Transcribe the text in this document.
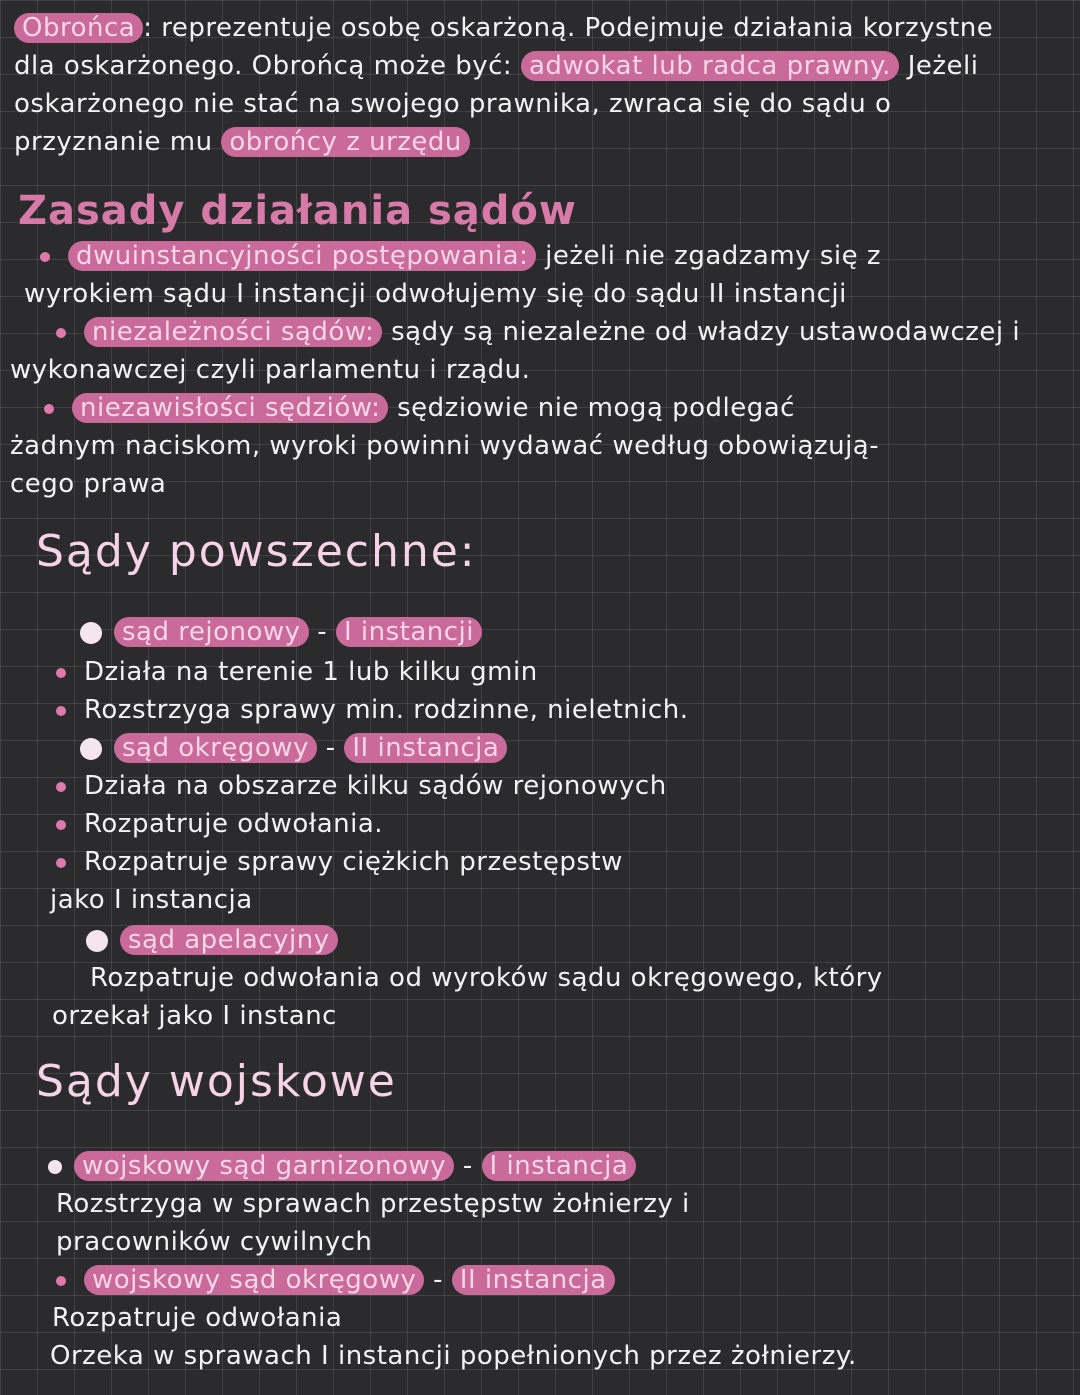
Obrońca : reprezentuje osobę oskarżoną. Podejmuje działania korzystne
dla oskarżonego. Obrońcą może być: adwokat lub radca prawny. Jeżeli
oskarżonego nie stać na swojego prawnika, zwraca się do sądu o
przyznanie mu obrońcy z urzędu
Zasady działania sądów
dwuinstancyjności postępowania: jeżeli nie zgadzamy się z
wyrokiem sądu I instancji odwołujemy się do sądu II instancji
niezależności sądów: sądy są niezależne od władzy ustawodawczej i
wykonawczej czyli parlamentu i rządu.
niezawisłości sędziów: sędziowie nie mogą podlegać
żadnym naciskom, wyroki powinni wydawać według obowiązują-
cego prawa
Sądy powszechne:
sąd rejonowy - I instancji
Działa na terenie 1 lub kilku gmin
Rozstrzyga sprawy min. rodzinne, nieletnich.
sąd okręgowy - II instancja
Działa na obszarze kilku sądów rejonowych
Rozpatruje odwołania.
Rozpatruje sprawy ciężkich przestępstw
jako I instancja
sąd apelacyjny
Rozpatruje odwołania od wyroków sądu okręgowego, który
orzekał jako I instanc
Sądy wojskowe
wojskowy sąd garnizonowy - I instancja
Rozstrzyga w sprawach przestępstw żołnierzy i
pracowników cywilnych
wojskowy sąd okręgowy - II instancja
Rozpatruje odwołania
Orzeka w sprawach I instancji popełnionych przez żołnierzy.
